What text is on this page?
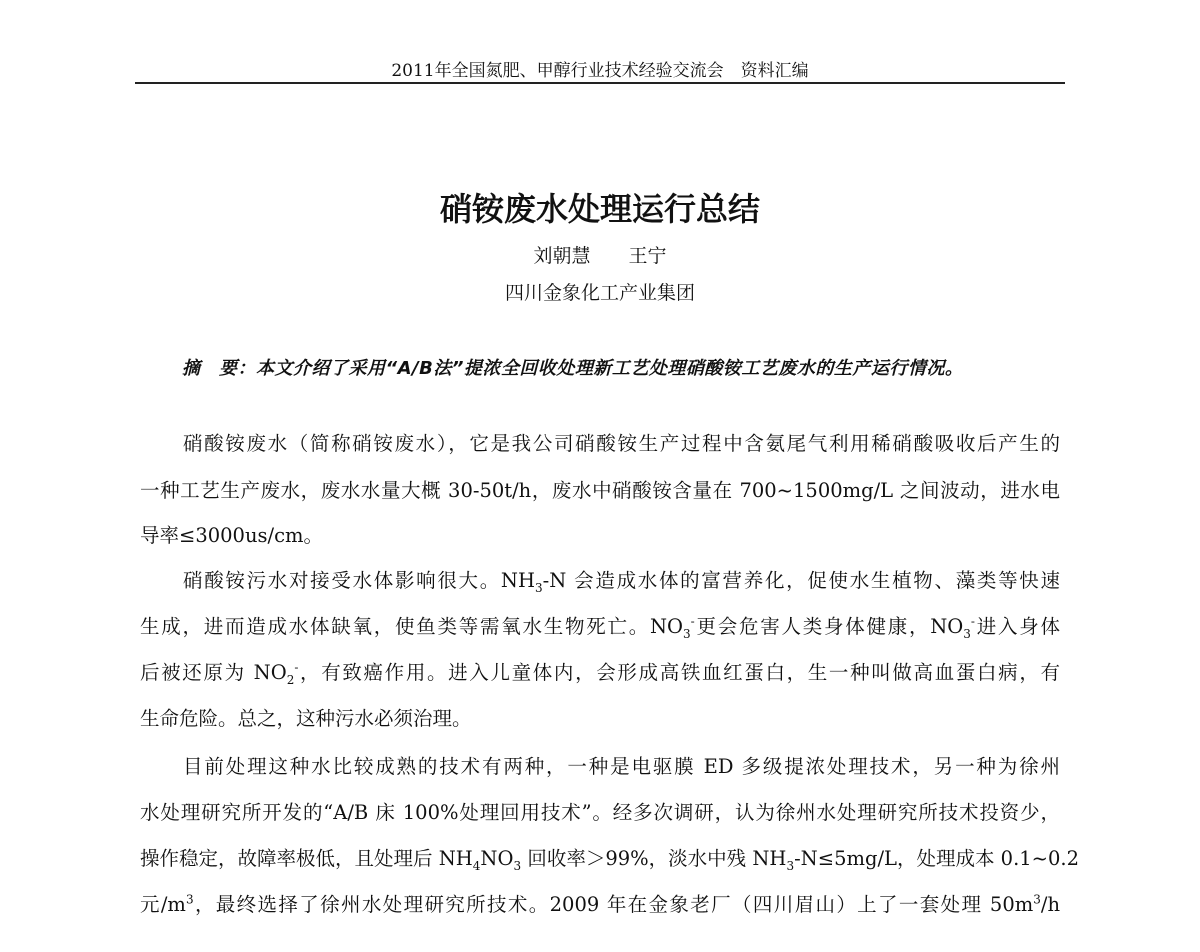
2011年全国氮肥、甲醇行业技术经验交流会　资料汇编
硝铵废水处理运行总结
刘朝慧　　王宁
四川金象化工产业集团
摘　要：本文介绍了采用“A/B法”提浓全回收处理新工艺处理硝酸铵工艺废水的生产运行情况。
硝酸铵废水（简称硝铵废水），它是我公司硝酸铵生产过程中含氨尾气利用稀硝酸吸收后产生的
一种工艺生产废水，废水水量大概 30-50t/h，废水中硝酸铵含量在 700~1500mg/L 之间波动，进水电
导率≤3000us/cm。
硝酸铵污水对接受水体影响很大。$NH_3-N$ 会造成水体的富营养化，促使水生植物、藻类等快速
生成，进而造成水体缺氧，使鱼类等需氧水生物死亡。$NO_3^-$更会危害人类身体健康，$NO_3^-$进入身体
后被还原为 $NO_2^-$，有致癌作用。进入儿童体内，会形成高铁血红蛋白，生一种叫做高血蛋白病，有
生命危险。总之，这种污水必须治理。
目前处理这种水比较成熟的技术有两种，一种是电驱膜 ED 多级提浓处理技术，另一种为徐州
水处理研究所开发的“A/B 床 100%处理回用技术”。经多次调研，认为徐州水处理研究所技术投资少，
操作稳定，故障率极低，且处理后 $NH_4NO_3$ 回收率＞99%，淡水中残 $NH_3-N\le 5mg/L$，处理成本 0.1~0.2
元$/m^3$，最终选择了徐州水处理研究所技术。2009 年在金象老厂（四川眉山）上了一套处理 $50m^3/h$
